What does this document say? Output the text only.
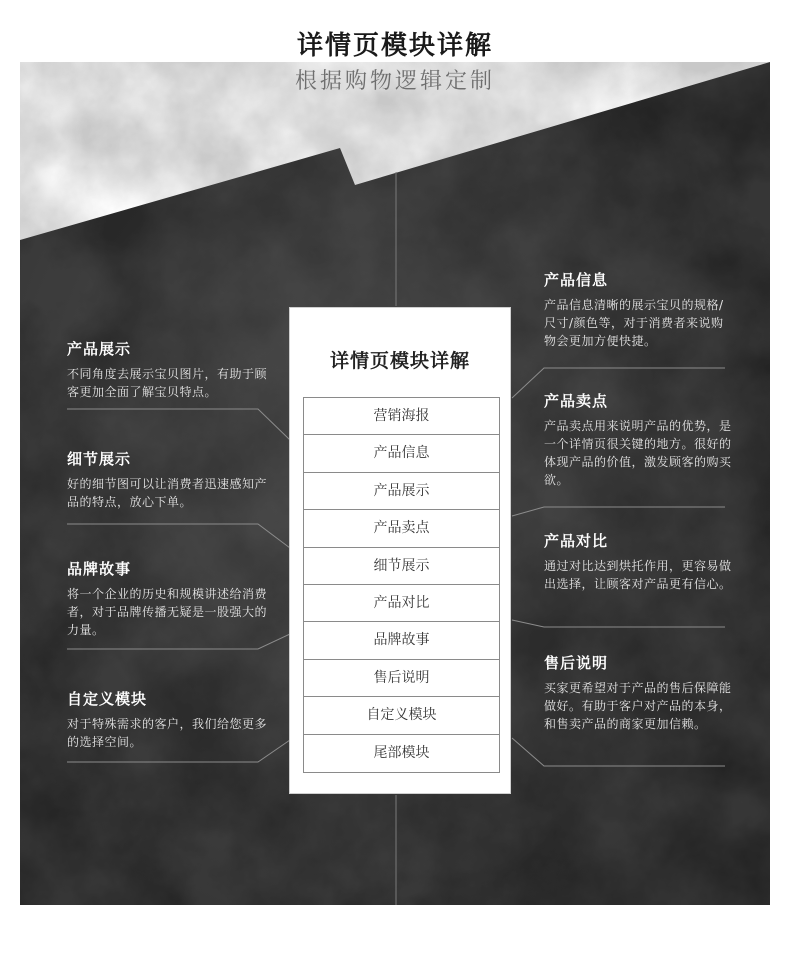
详情页模块详解
根据购物逻辑定制
详情页模块详解
营销海报
产品信息
产品展示
产品卖点
细节展示
产品对比
品牌故事
售后说明
自定义模块
尾部模块
产品展示

不同角度去展示宝贝图片，有助于顾客更加全面了解宝贝特点。

细节展示

好的细节图可以让消费者迅速感知产品的特点，放心下单。

品牌故事

将一个企业的历史和规模讲述给消费者，对于品牌传播无疑是一股强大的力量。

自定义模块

对于特殊需求的客户，我们给您更多的选择空间。

产品信息

产品信息清晰的展示宝贝的规格/尺寸/颜色等，对于消费者来说购物会更加方便快捷。

产品卖点

产品卖点用来说明产品的优势，是一个详情页很关键的地方。很好的体现产品的价值，激发顾客的购买欲。

产品对比

通过对比达到烘托作用，更容易做出选择，让顾客对产品更有信心。

售后说明

买家更希望对于产品的售后保障能做好。有助于客户对产品的本身，和售卖产品的商家更加信赖。
